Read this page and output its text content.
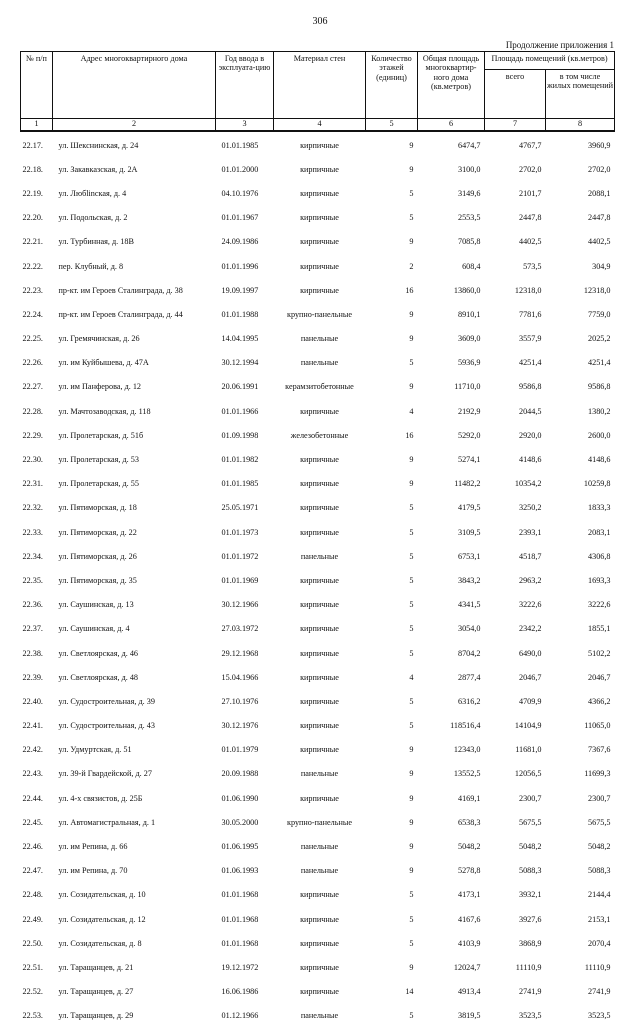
306
Продолжение приложения 1
№ п/п	Адрес многоквартирного дома	Год ввода в эксплуата-цию	Материал стен	Количество этажей (единиц)	Общая площадь многоквартир-ного дома (кв.метров)	Площадь помещений (кв.метров)	
						всего	в том числе жилых помещений
1	2	3	4	5	6	7	8
22.17.	ул. Шекснинская, д. 24	01.01.1985	кирпичные	9	6474,7	4767,7	3960,9
22.18.	ул. Закавказская, д. 2А	01.01.2000	кирпичные	9	3100,0	2702,0	2702,0
22.19.	ул. Любlinская, д. 4	04.10.1976	кирпичные	5	3149,6	2101,7	2088,1
22.20.	ул. Подольская, д. 2	01.01.1967	кирпичные	5	2553,5	2447,8	2447,8
22.21.	ул. Турбинная, д. 18В	24.09.1986	кирпичные	9	7085,8	4402,5	4402,5
22.22.	пер. Клубный, д. 8	01.01.1996	кирпичные	2	608,4	573,5	304,9
22.23.	пр-кт. им Героев Сталинграда, д. 38	19.09.1997	кирпичные	16	13860,0	12318,0	12318,0
22.24.	пр-кт. им Героев Сталинграда, д. 44	01.01.1988	крупно-панельные	9	8910,1	7781,6	7759,0
22.25.	ул. Гремячинская, д. 26	14.04.1995	панельные	9	3609,0	3557,9	2025,2
22.26.	ул. им Куйбышева, д. 47А	30.12.1994	панельные	5	5936,9	4251,4	4251,4
22.27.	ул. им Панферова, д. 12	20.06.1991	керамзитобетонные	9	11710,0	9586,8	9586,8
22.28.	ул. Мачтозаводская, д. 118	01.01.1966	кирпичные	4	2192,9	2044,5	1380,2
22.29.	ул. Пролетарская, д. 51б	01.09.1998	железобетонные	16	5292,0	2920,0	2600,0
22.30.	ул. Пролетарская, д. 53	01.01.1982	кирпичные	9	5274,1	4148,6	4148,6
22.31.	ул. Пролетарская, д. 55	01.01.1985	кирпичные	9	11482,2	10354,2	10259,8
22.32.	ул. Пятиморская, д. 18	25.05.1971	кирпичные	5	4179,5	3250,2	1833,3
22.33.	ул. Пятиморская, д. 22	01.01.1973	кирпичные	5	3109,5	2393,1	2083,1
22.34.	ул. Пятиморская, д. 26	01.01.1972	панельные	5	6753,1	4518,7	4306,8
22.35.	ул. Пятиморская, д. 35	01.01.1969	кирпичные	5	3843,2	2963,2	1693,3
22.36.	ул. Саушинская, д. 13	30.12.1966	кирпичные	5	4341,5	3222,6	3222,6
22.37.	ул. Саушинская, д. 4	27.03.1972	кирпичные	5	3054,0	2342,2	1855,1
22.38.	ул. Светлоярская, д. 46	29.12.1968	кирпичные	5	8704,2	6490,0	5102,2
22.39.	ул. Светлоярская, д. 48	15.04.1966	кирпичные	4	2877,4	2046,7	2046,7
22.40.	ул. Судостроительная, д. 39	27.10.1976	кирпичные	5	6316,2	4709,9	4366,2
22.41.	ул. Судостроительная, д. 43	30.12.1976	кирпичные	5	118516,4	14104,9	11065,0
22.42.	ул. Удмуртская, д. 51	01.01.1979	кирпичные	9	12343,0	11681,0	7367,6
22.43.	ул. 39-й Гвардейской, д. 27	20.09.1988	панельные	9	13552,5	12056,5	11699,3
22.44.	ул. 4-х связистов, д. 25Б	01.06.1990	кирпичные	9	4169,1	2300,7	2300,7
22.45.	ул. Автомагистральная, д. 1	30.05.2000	крупно-панельные	9	6538,3	5675,5	5675,5
22.46.	ул. им Репина, д. 66	01.06.1995	панельные	9	5048,2	5048,2	5048,2
22.47.	ул. им Репина, д. 70	01.06.1993	панельные	9	5278,8	5088,3	5088,3
22.48.	ул. Созидательская, д. 10	01.01.1968	кирпичные	5	4173,1	3932,1	2144,4
22.49.	ул. Созидательская, д. 12	01.01.1968	кирпичные	5	4167,6	3927,6	2153,1
22.50.	ул. Созидательская, д. 8	01.01.1968	кирпичные	5	4103,9	3868,9	2070,4
22.51.	ул. Таращанцев, д. 21	19.12.1972	кирпичные	9	12024,7	11110,9	11110,9
22.52.	ул. Таращанцев, д. 27	16.06.1986	кирпичные	14	4913,4	2741,9	2741,9
22.53.	ул. Таращанцев, д. 29	01.12.1966	панельные	5	3819,5	3523,5	3523,5
